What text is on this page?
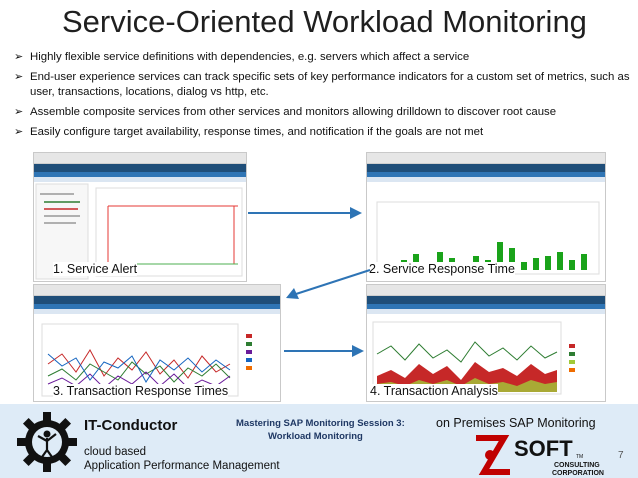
Service-Oriented Workload Monitoring
➢ Highly flexible service definitions with dependencies, e.g. servers which affect a service
➢ End-user experience services can track specific sets of key performance indicators for a custom set of metrics, such as user, transactions, locations, dialog vs http, etc.
➢ Assemble composite services from other services and monitors allowing drilldown to discover root cause
➢ Easily configure target availability, response times, and notification if the goals are not met
1. Service Alert	2. Service Response Time
3. Transaction Response Times	4. Transaction Analysis
IT-Conductor
cloud based
Application Performance Management
Mastering SAP Monitoring Session 3:
Workload Monitoring
on Premises SAP Monitoring
SOFT TM
CONSULTING
CORPORATION
7
